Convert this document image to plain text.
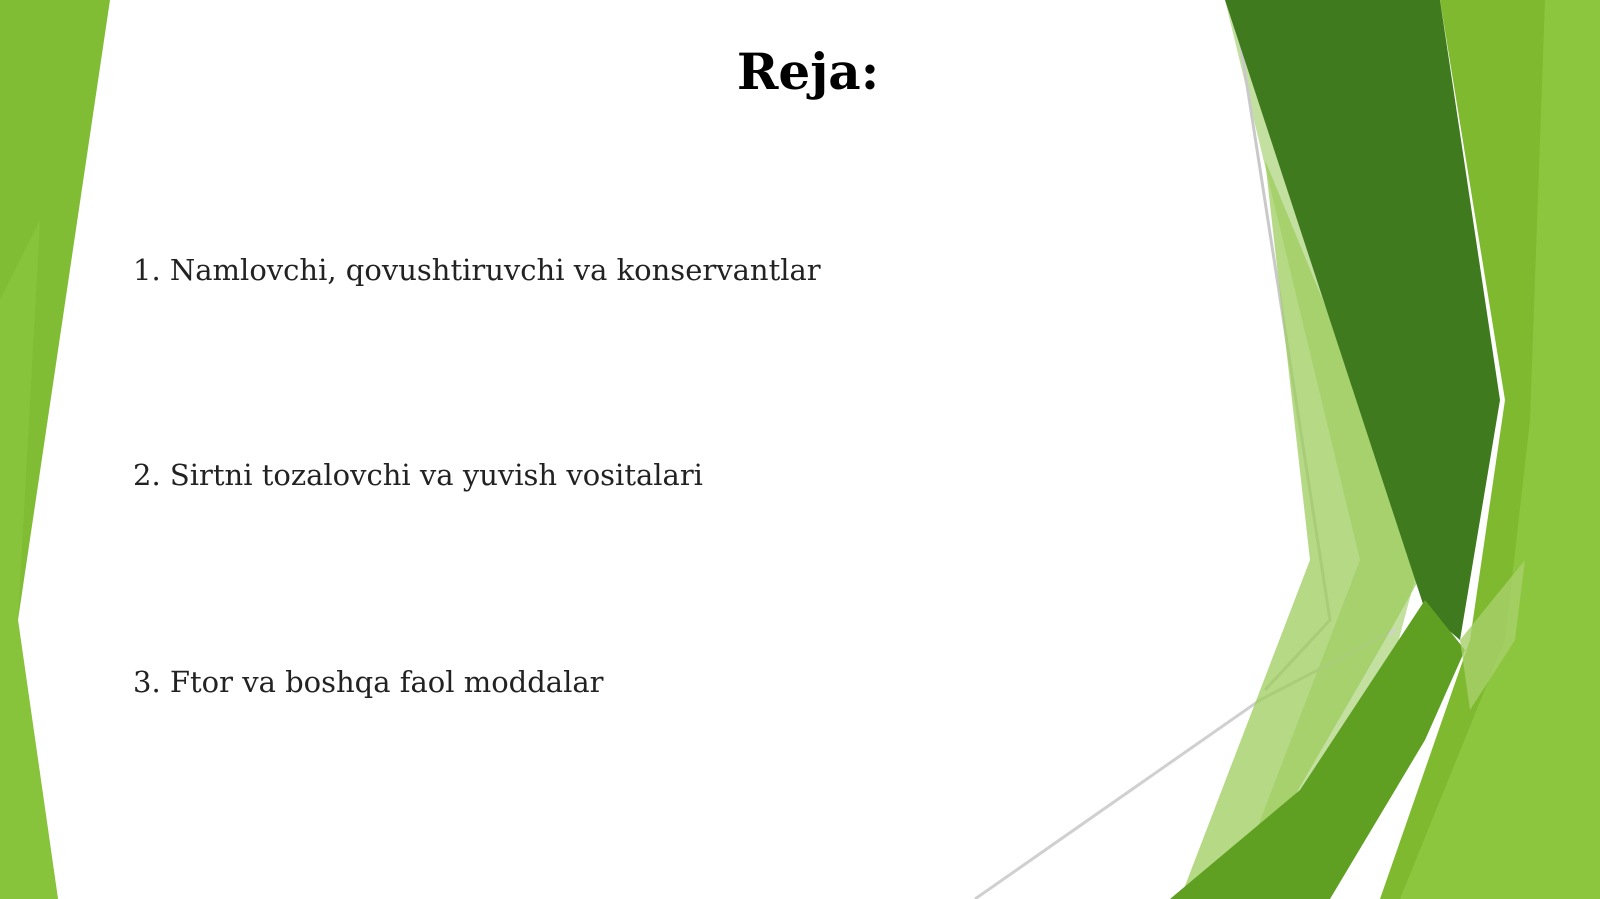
Reja:
1. Namlovchi, qovushtiruvchi va konservantlar
2. Sirtni tozalovchi va yuvish vositalari
3. Ftor va boshqa faol moddalar
